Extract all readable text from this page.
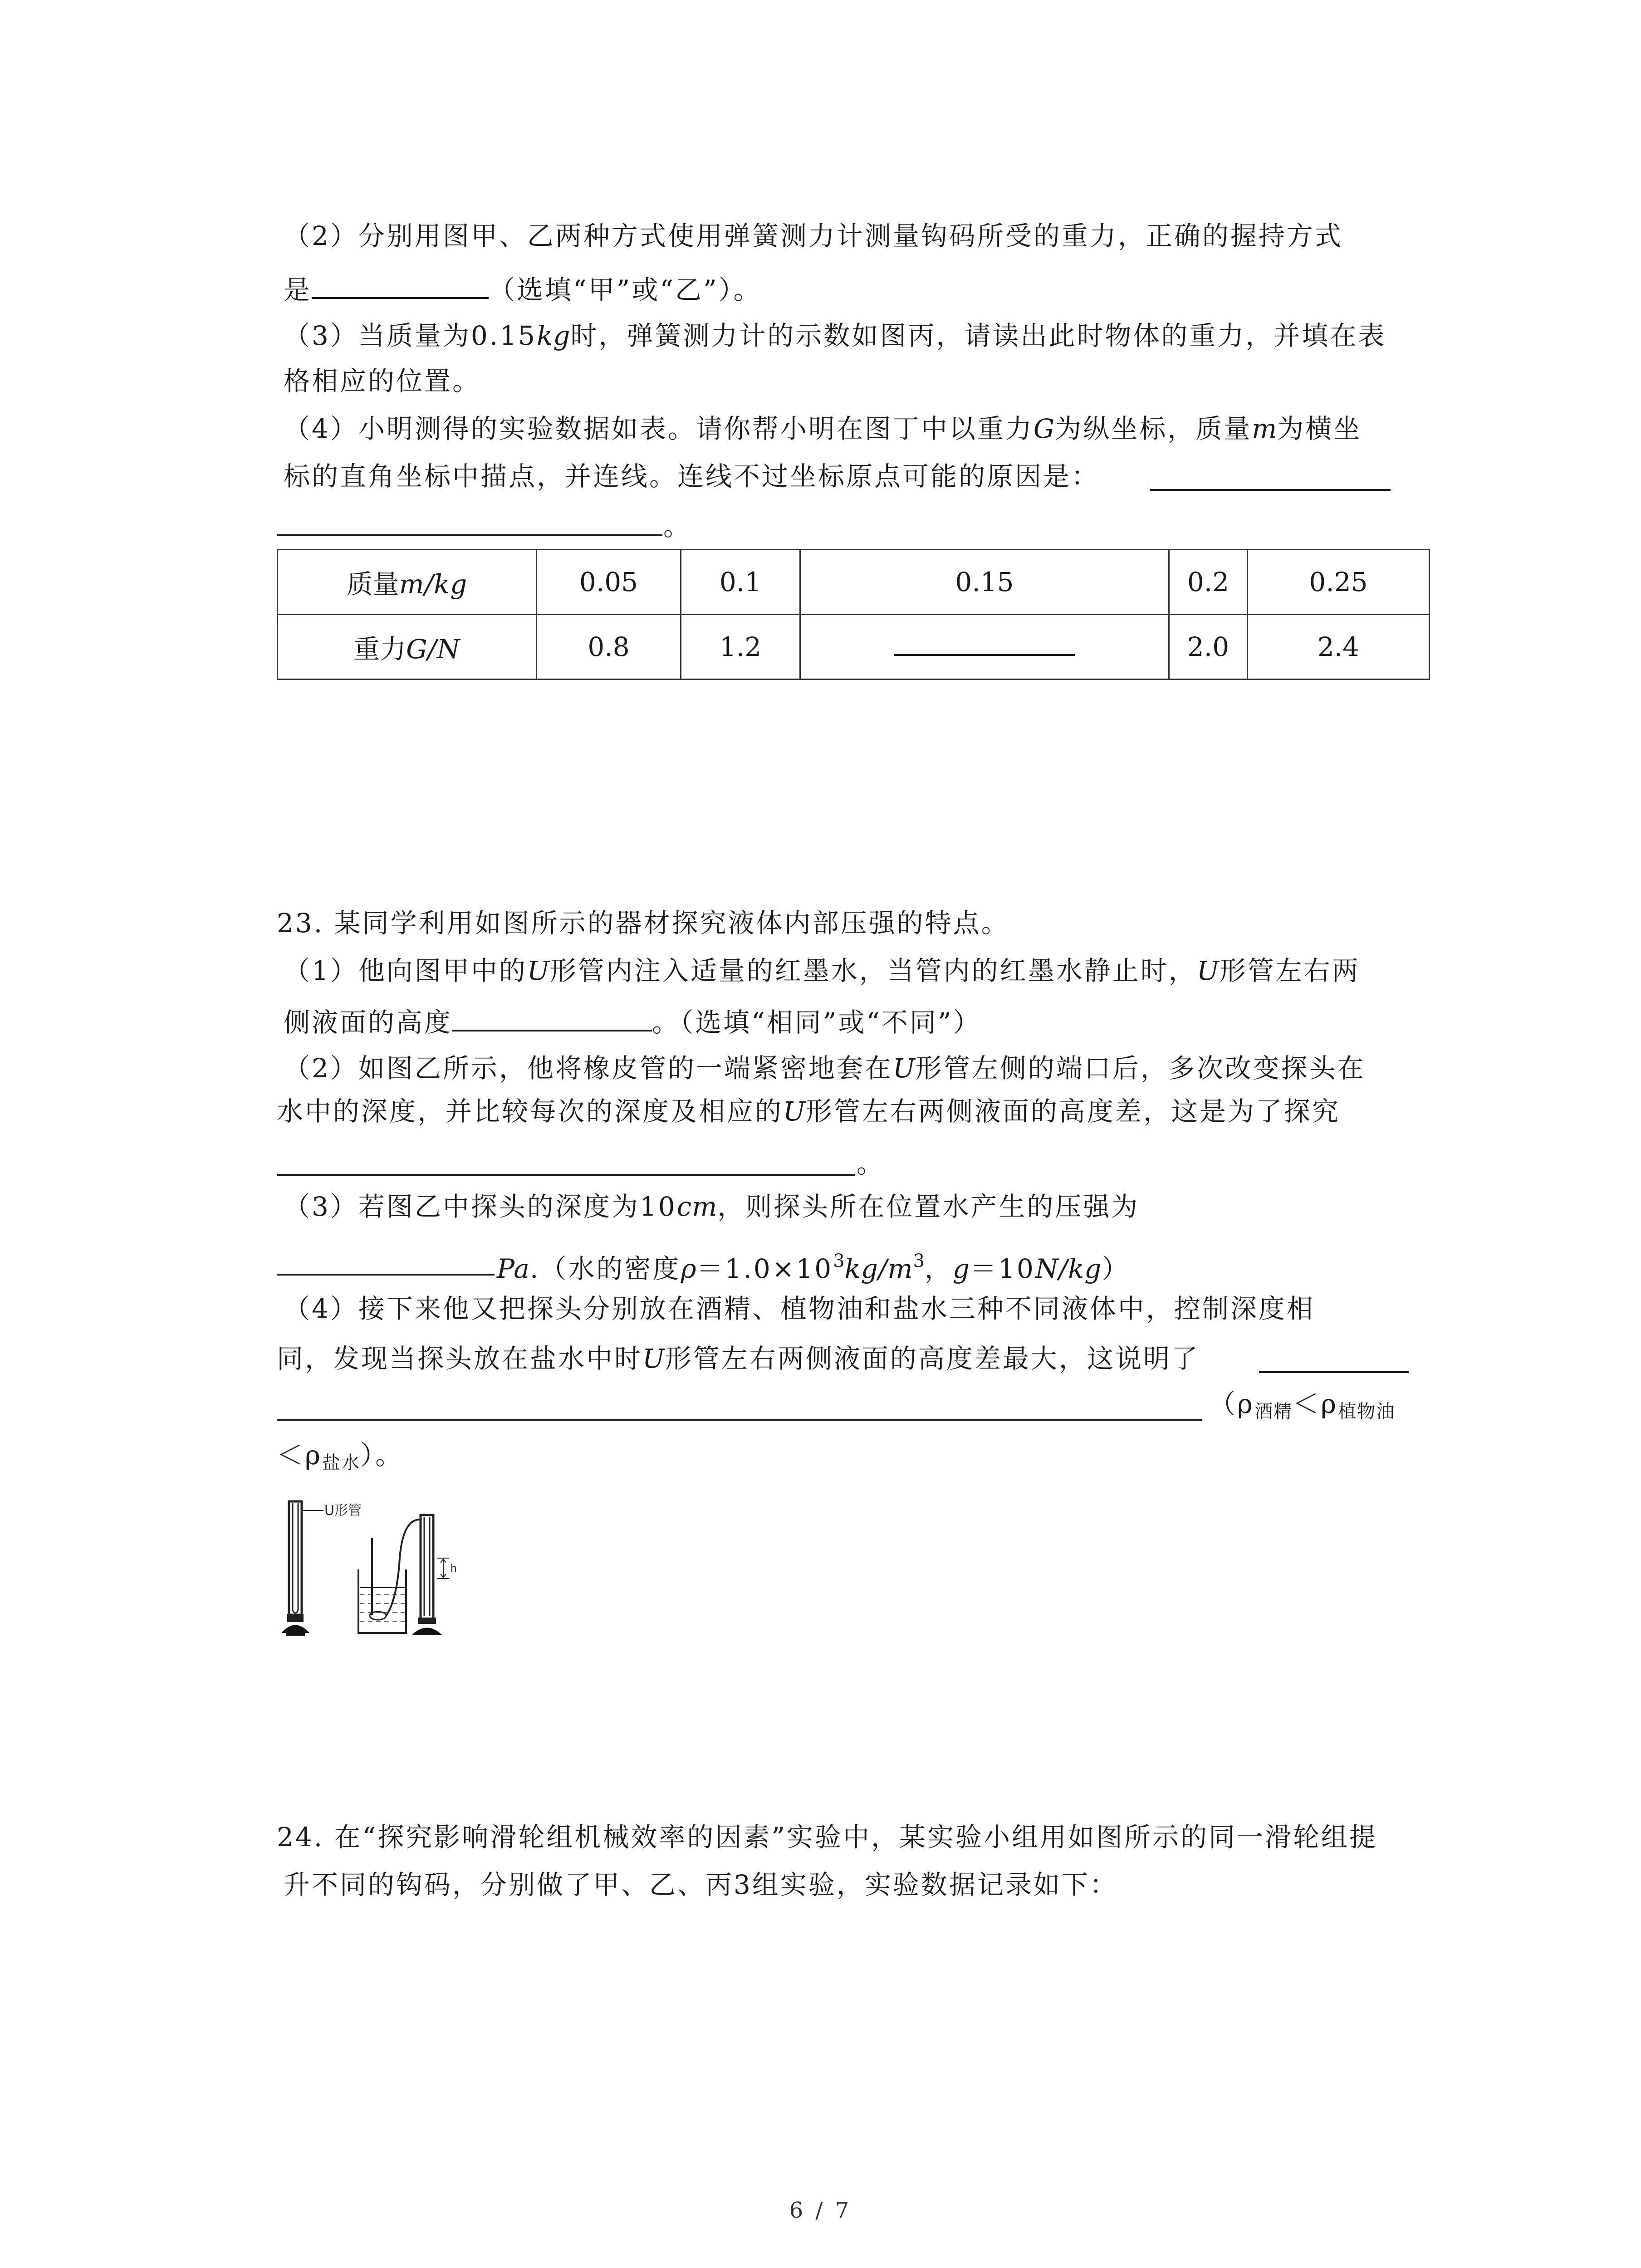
（2）分别用图甲、乙两种方式使用弹簧测力计测量钩码所受的重力，正确的握持方式
是	（选填“甲”或“乙”）。
（3）当质量为0.15kg时，弹簧测力计的示数如图丙，请读出此时物体的重力，并填在表
格相应的位置。
（4）小明测得的实验数据如表。请你帮小明在图丁中以重力G为纵坐标，质量m为横坐
标的直角坐标中描点，并连线。连线不过坐标原点可能的原因是：
。
质量m/kg	0.05	0.1	0.15	0.2	0.25
重力G/N	0.8	1.2		2.0	2.4
23. 某同学利用如图所示的器材探究液体内部压强的特点。
（1）他向图甲中的U形管内注入适量的红墨水，当管内的红墨水静止时，U形管左右两
侧液面的高度	。（选填“相同”或“不同”）
（2）如图乙所示，他将橡皮管的一端紧密地套在U形管左侧的端口后，多次改变探头在
水中的深度，并比较每次的深度及相应的U形管左右两侧液面的高度差，这是为了探究
。
（3）若图乙中探头的深度为10cm，则探头所在位置水产生的压强为
Pa.（水的密度$\rho=1.0\times 10^3kg/m^3$，g＝10N/kg）
（4）接下来他又把探头分别放在酒精、植物油和盐水三种不同液体中，控制深度相
同，发现当探头放在盐水中时U形管左右两侧液面的高度差最大，这说明了
（$\rho_{酒精}<\rho_{植物油}$
$<\rho_{盐水}$）。
h
U形管
24. 在“探究影响滑轮组机械效率的因素”实验中，某实验小组用如图所示的同一滑轮组提
升不同的钩码，分别做了甲、乙、丙3组实验，实验数据记录如下：
6 / 7
